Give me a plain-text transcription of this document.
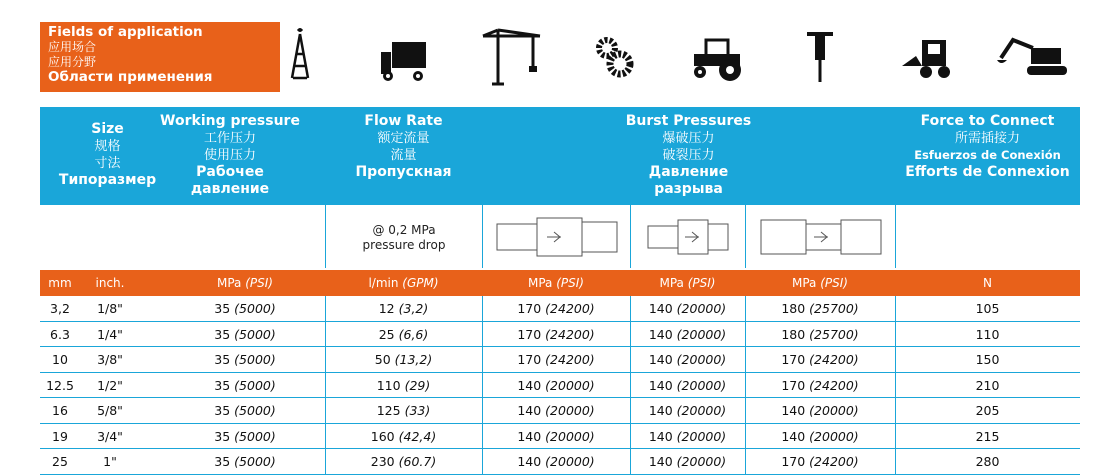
Fields of application
应用场合
应用分野
Области применения
Size
规格
寸法
Типоразмер
Working pressure
工作压力
使用压力
Рабочее
давление
Flow Rate
额定流量
流量
Пропускная
Burst Pressures
爆破压力
破裂压力
Давление
разрыва
Force to Connect
所需插接力
Esfuerzos de Conexión
Efforts de Connexion
@ 0,2 MPa
pressure drop
mm	inch.	MPa (PSI)	l/min (GPM)	MPa (PSI)	MPa (PSI)	MPa (PSI)	N
3,2	1/8"	35 (5000)	12 (3,2)	170 (24200)	140 (20000)	180 (25700)	105
6.3	1/4"	35 (5000)	25 (6,6)	170 (24200)	140 (20000)	180 (25700)	110
10	3/8"	35 (5000)	50 (13,2)	170 (24200)	140 (20000)	170 (24200)	150
12.5	1/2"	35 (5000)	110 (29)	140 (20000)	140 (20000)	170 (24200)	210
16	5/8"	35 (5000)	125 (33)	140 (20000)	140 (20000)	140 (20000)	205
19	3/4"	35 (5000)	160 (42,4)	140 (20000)	140 (20000)	140 (20000)	215
25	1"	35 (5000)	230 (60.7)	140 (20000)	140 (20000)	170 (24200)	280
